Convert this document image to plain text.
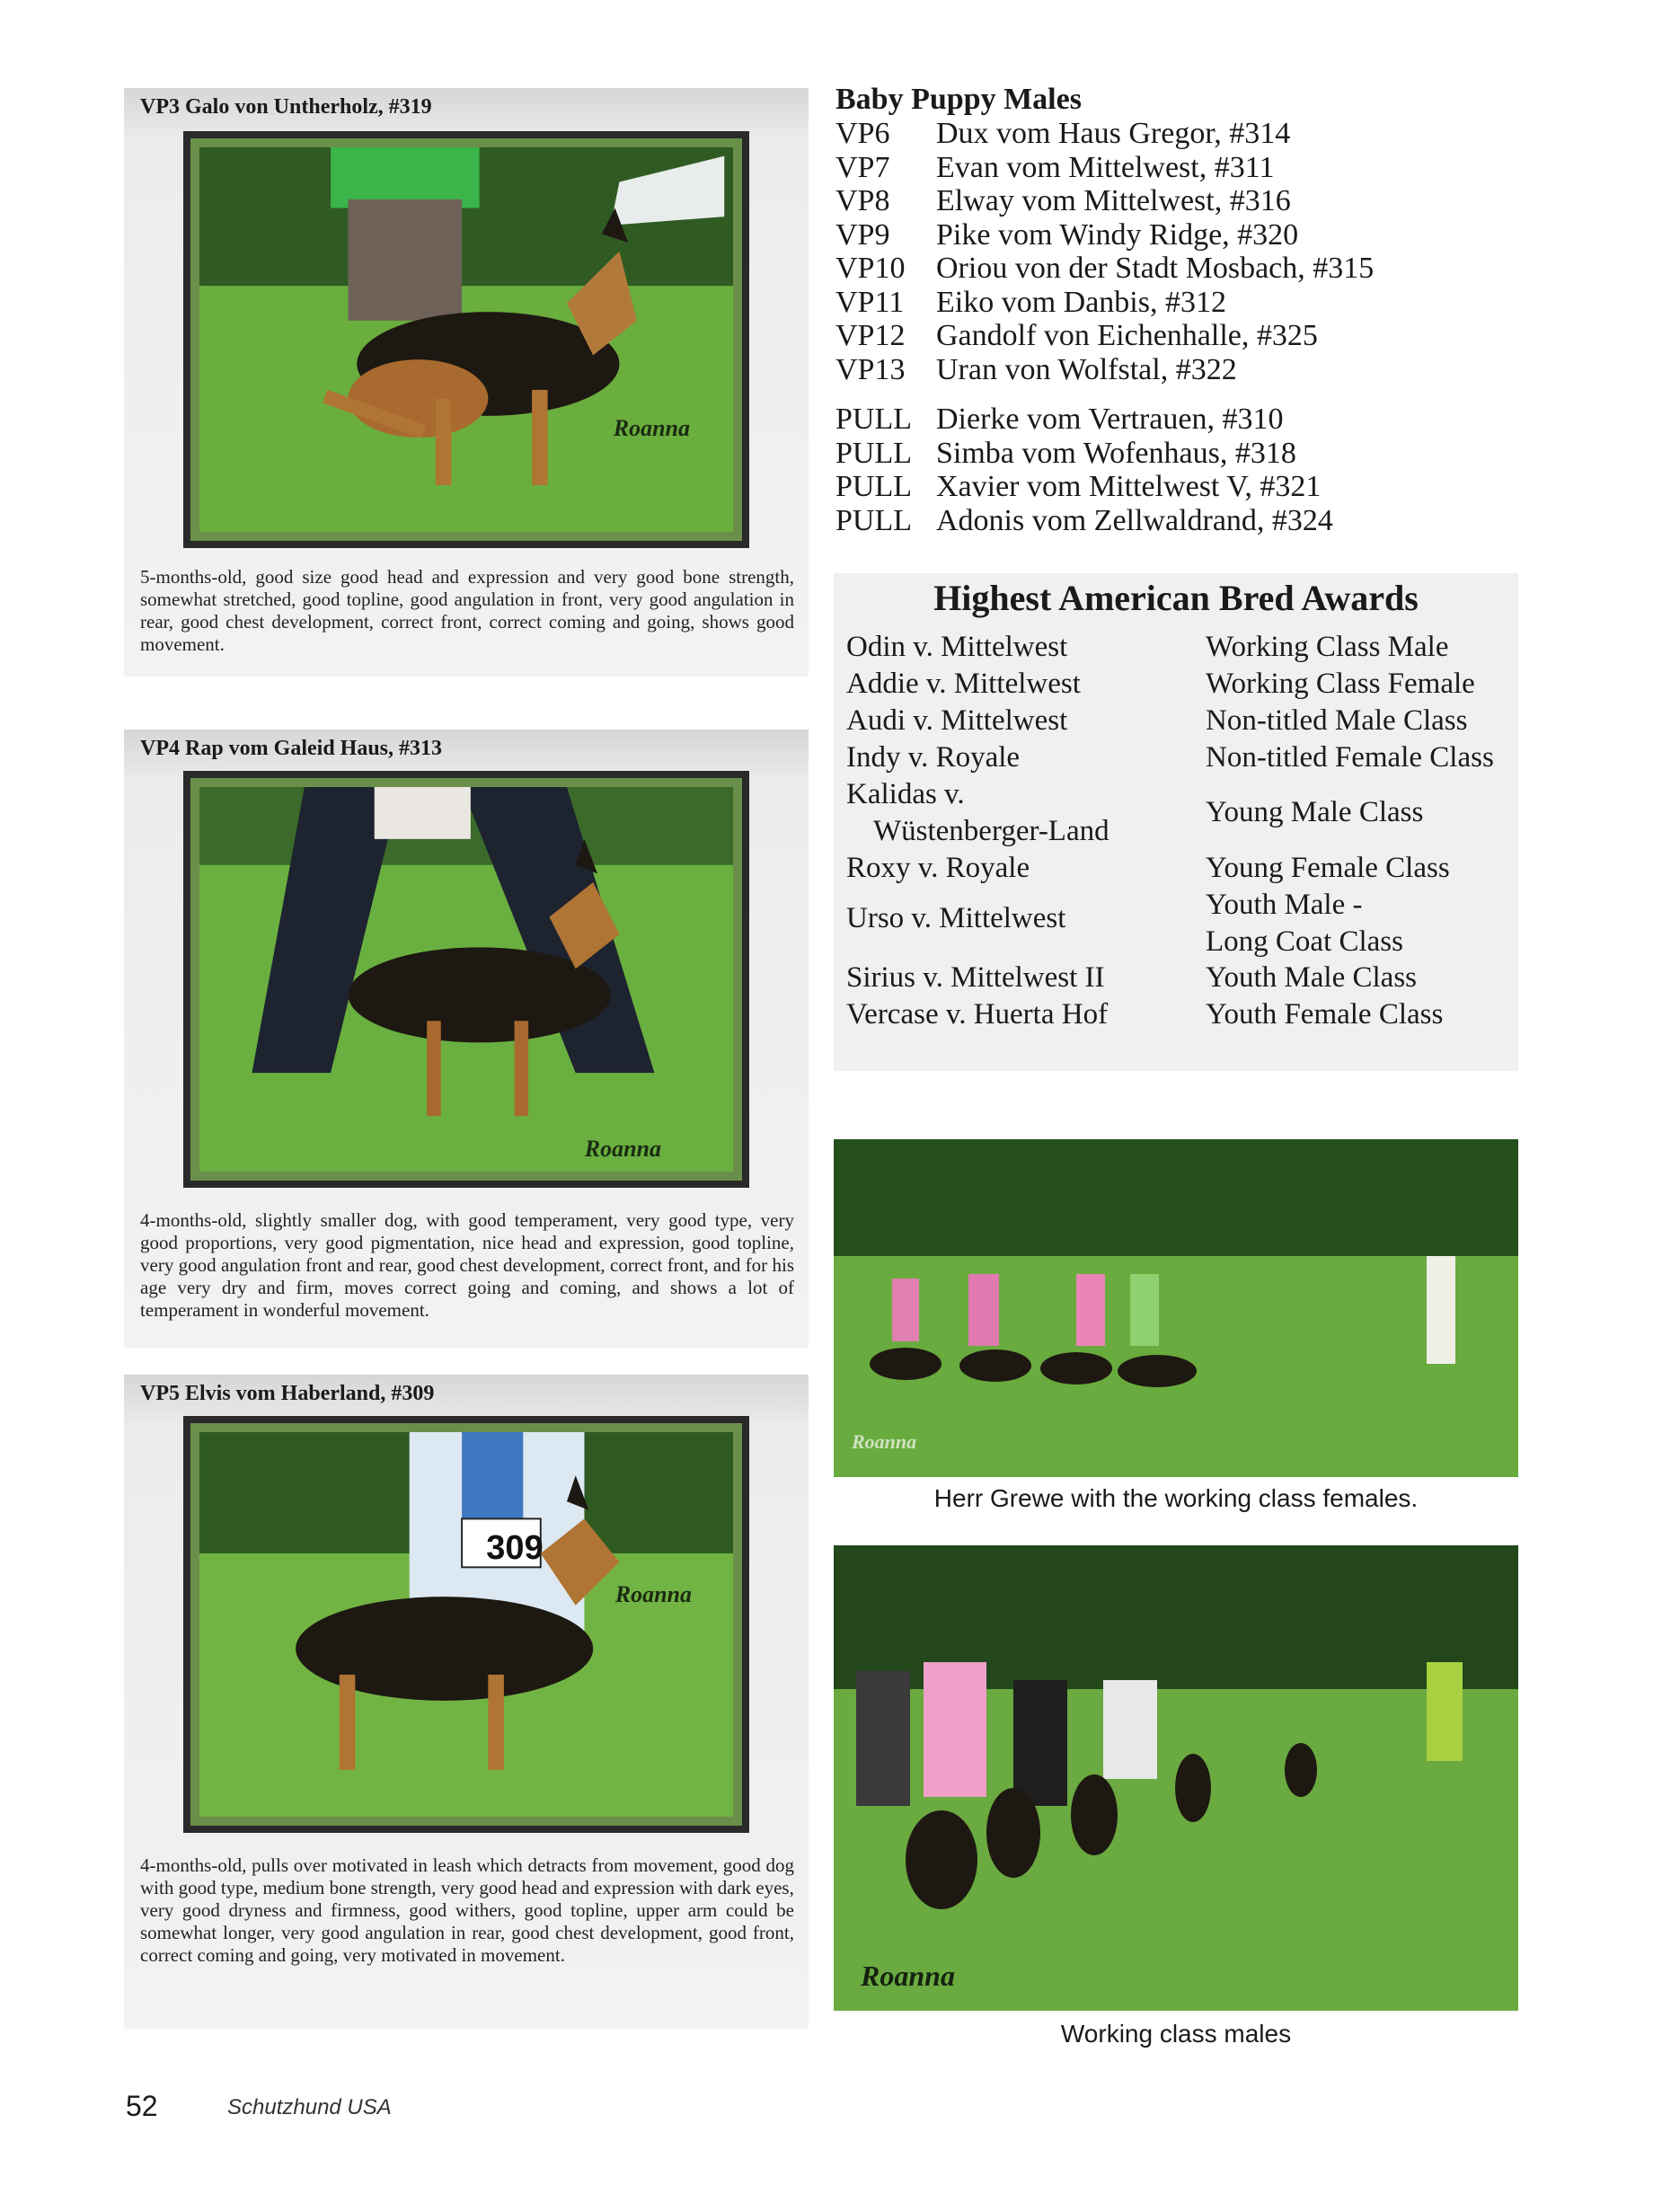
VP3 Galo von Untherholz, #319
Roanna
5-months-old, good size good head and expression and very good bone strength, somewhat stretched, good topline, good angulation in front, very good angulation in rear, good chest development, correct front, correct coming and going, shows good movement.
VP4 Rap vom Galeid Haus, #313
Roanna
4-months-old, slightly smaller dog, with good temperament, very good type, very good proportions, very good pigmentation, nice head and expression, good topline, very good angulation front and rear, good chest development, correct front, and for his age very dry and firm, moves correct going and coming, and shows a lot of temperament in wonderful movement.
VP5 Elvis vom Haberland, #309
309
Roanna
4-months-old, pulls over motivated in leash which detracts from movement, good dog with good type, medium bone strength, very good head and expression with dark eyes,
very good dryness and firmness, good withers, good topline, upper arm could be somewhat longer, very good angulation in rear, good chest development, good front, correct coming and going, very motivated in movement.
Baby Puppy Males
VP6 Dux vom Haus Gregor, #314
VP7 Evan vom Mittelwest, #311
VP8 Elway vom Mittelwest, #316
VP9 Pike vom Windy Ridge, #320
VP10 Oriou von der Stadt Mosbach, #315
VP11 Eiko vom Danbis, #312
VP12 Gandolf von Eichenhalle, #325
VP13 Uran von Wolfstal, #322
PULL Dierke vom Vertrauen, #310
PULL Simba vom Wofenhaus, #318
PULL Xavier vom Mittelwest V, #321
PULL Adonis vom Zellwaldrand, #324
Highest American Bred Awards
Odin v. Mittelwest
Addie v. Mittelwest
Audi v. Mittelwest
Indy v. Royale
Kalidas v.
Wüstenberger-Land
Roxy v. Royale
Urso v. Mittelwest
Sirius v. Mittelwest II
Vercase v. Huerta Hof
Working Class Male
Working Class Female
Non-titled Male Class
Non-titled Female Class
Young Male Class
Young Female Class
Youth Male -
Long Coat Class
Youth Male Class
Youth Female Class
Roanna
Herr Grewe with the working class females.
Roanna
Working class males
52	Schutzhund USA
